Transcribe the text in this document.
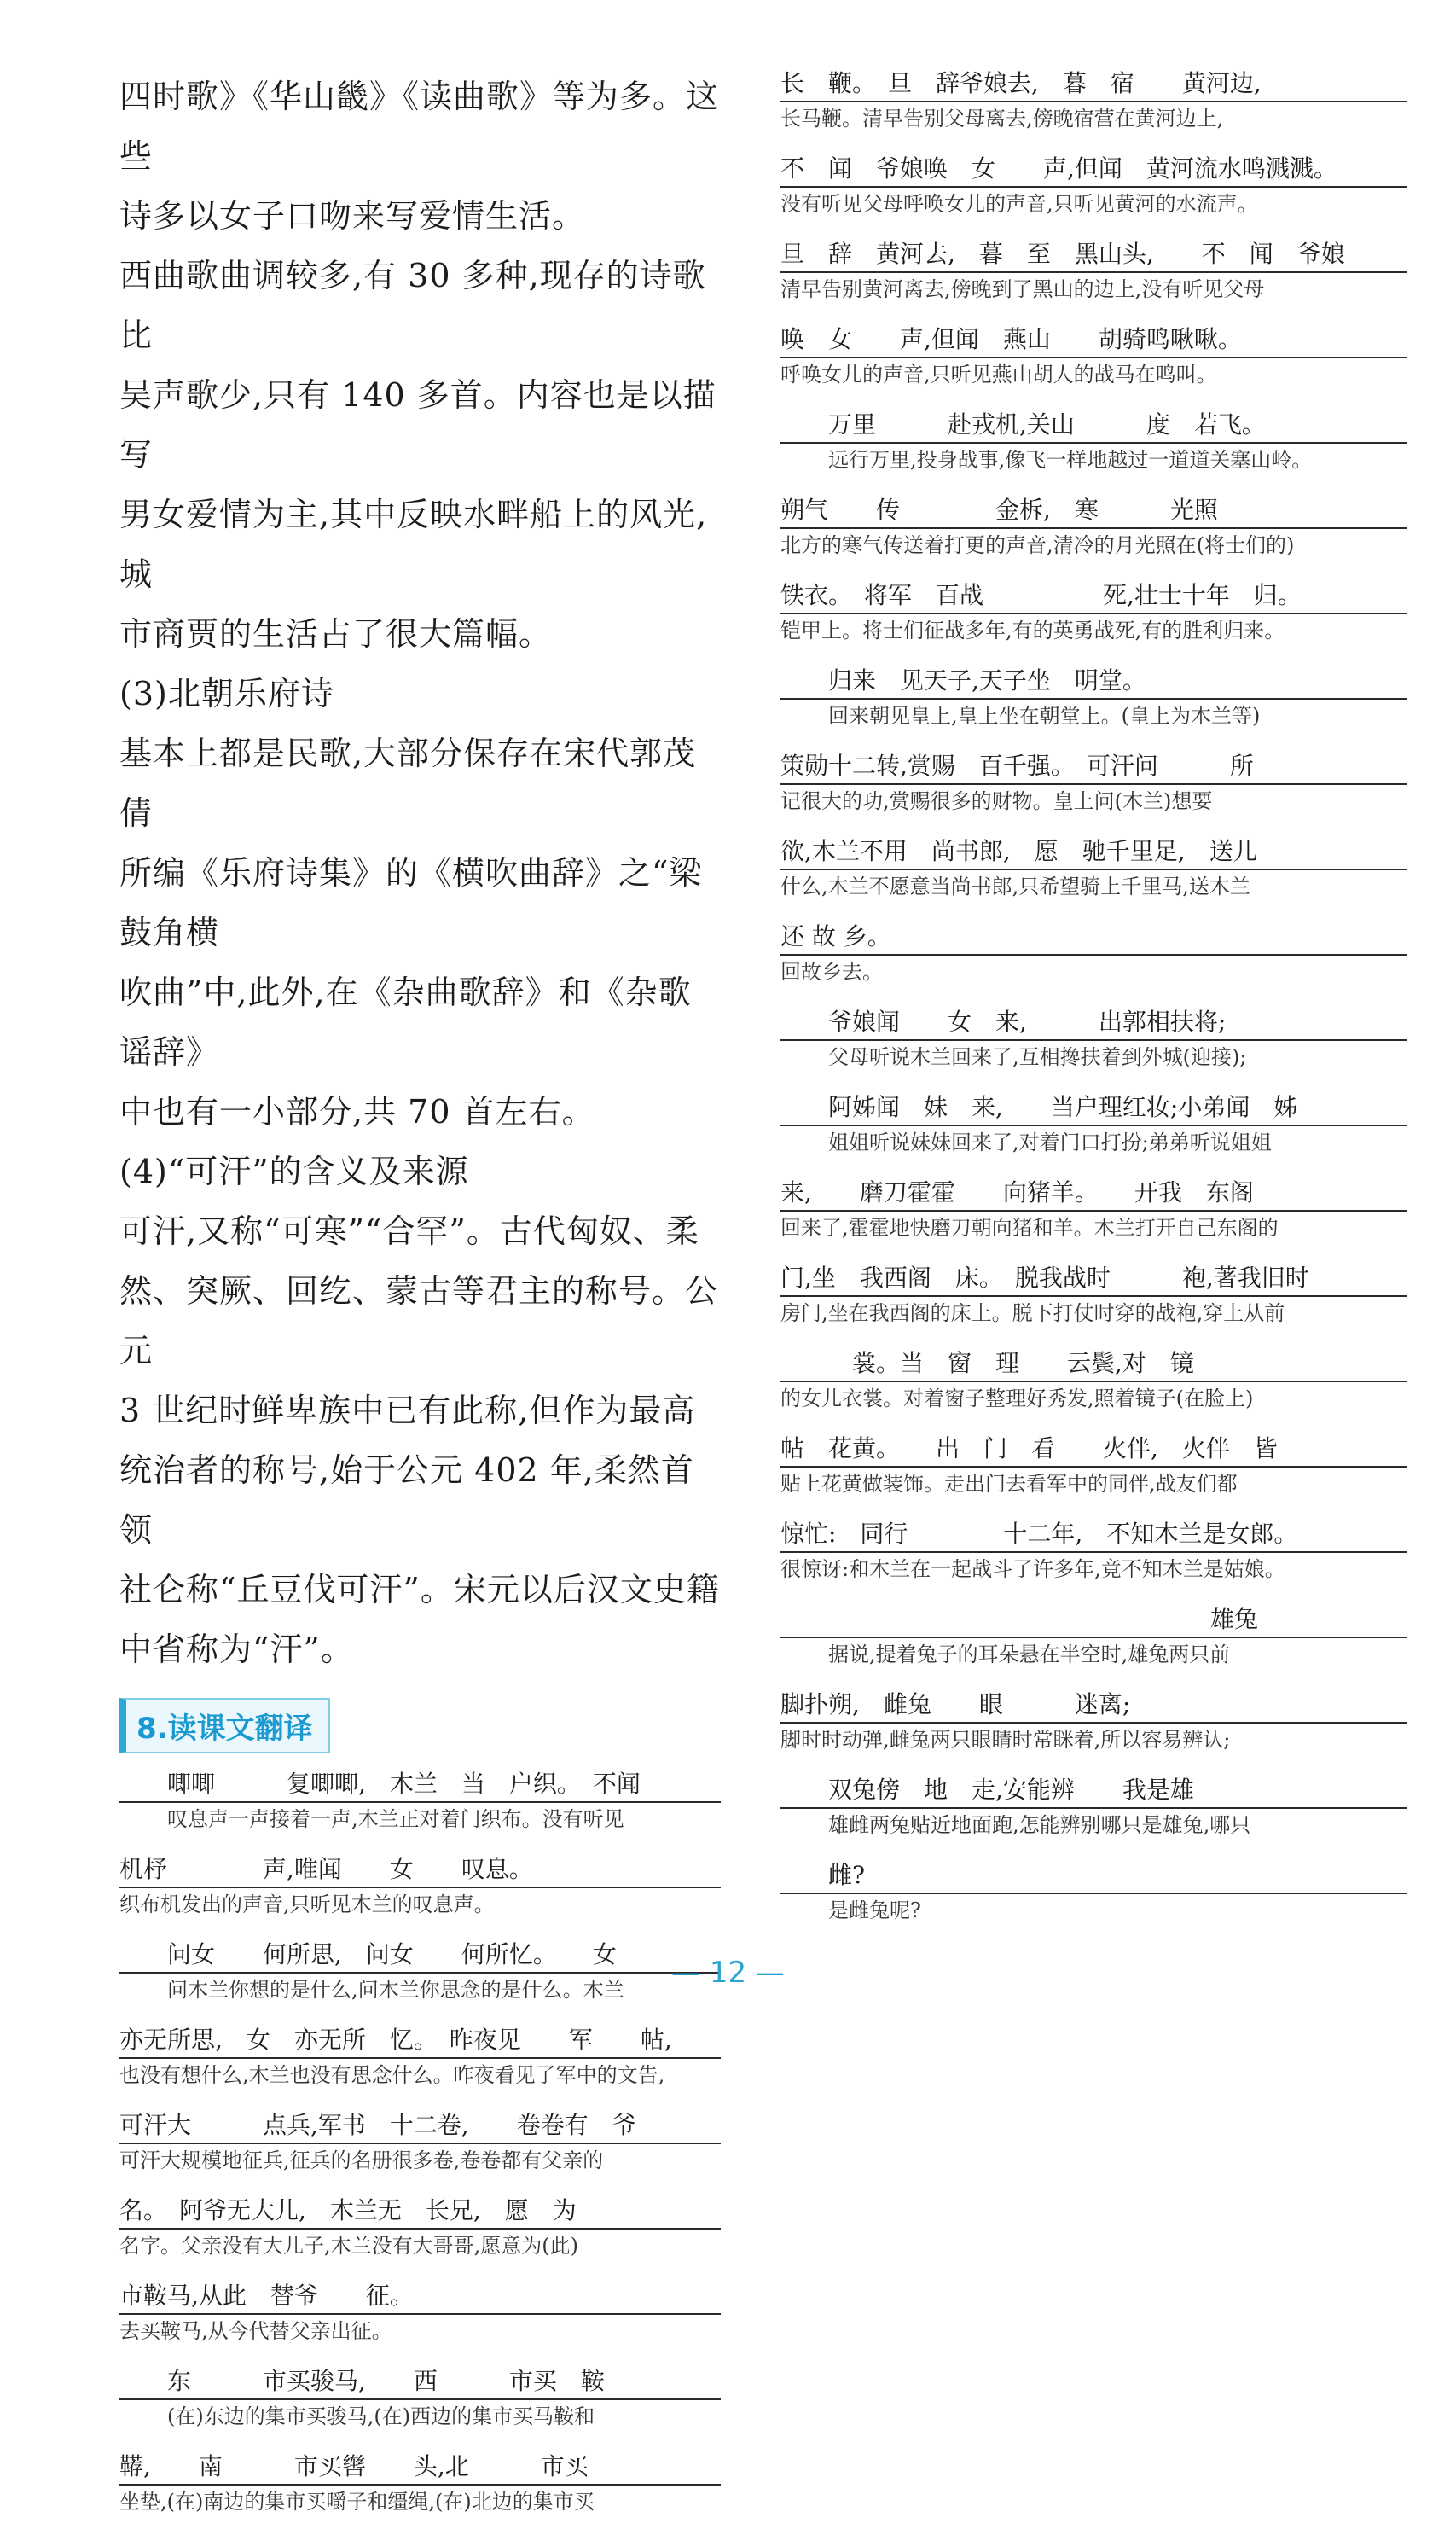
四时歌》《华山畿》《读曲歌》等为多。这些

诗多以女子口吻来写爱情生活。

西曲歌曲调较多,有 30 多种,现存的诗歌比

吴声歌少,只有 140 多首。内容也是以描写

男女爱情为主,其中反映水畔船上的风光,城

市商贾的生活占了很大篇幅。

(3)北朝乐府诗

基本上都是民歌,大部分保存在宋代郭茂倩

所编《乐府诗集》的《横吹曲辞》之“梁鼓角横

吹曲”中,此外,在《杂曲歌辞》和《杂歌谣辞》

中也有一小部分,共 70 首左右。

(4)“可汗”的含义及来源

可汗,又称“可寒”“合罕”。古代匈奴、柔

然、突厥、回纥、蒙古等君主的称号。公元

3 世纪时鲜卑族中已有此称,但作为最高

统治者的称号,始于公元 402 年,柔然首领

社仑称“丘豆伐可汗”。宋元以后汉文史籍

中省称为“汗”。

8.读课文翻译
唧唧　　　复唧唧,　木兰　当　户织。　不闻
叹息声一声接着一声,木兰正对着门织布。没有听见
机杼　　　　声,唯闻　　女　　叹息。
织布机发出的声音,只听见木兰的叹息声。
问女　　何所思,　问女　　何所忆。　　女
问木兰你想的是什么,问木兰你思念的是什么。木兰
亦无所思,　女　亦无所　忆。　昨夜见　　军　　帖,
也没有想什么,木兰也没有思念什么。昨夜看见了军中的文告,
可汗大　　　点兵,军书　十二卷,　　卷卷有　爷
可汗大规模地征兵,征兵的名册很多卷,卷卷都有父亲的
名。　阿爷无大儿,　木兰无　长兄,　愿　为
名字。父亲没有大儿子,木兰没有大哥哥,愿意为(此)
市鞍马,从此　替爷　　征。
去买鞍马,从今代替父亲出征。
东　　　市买骏马,　　西　　　市买　鞍
(在)东边的集市买骏马,(在)西边的集市买马鞍和
鞯,　　南　　　市买辔　　头,北　　　市买
坐垫,(在)南边的集市买嚼子和缰绳,(在)北边的集市买
长　鞭。　旦　辞爷娘去,　暮　宿　　黄河边,
长马鞭。清早告别父母离去,傍晚宿营在黄河边上,
不　闻　爷娘唤　女　　声,但闻　黄河流水鸣溅溅。
没有听见父母呼唤女儿的声音,只听见黄河的水流声。
旦　辞　黄河去,　暮　至　黑山头,　　不　闻　爷娘
清早告别黄河离去,傍晚到了黑山的边上,没有听见父母
唤　女　　声,但闻　燕山　　胡骑鸣啾啾。
呼唤女儿的声音,只听见燕山胡人的战马在鸣叫。
万里　　　赴戎机,关山　　　度　若飞。
远行万里,投身战事,像飞一样地越过一道道关塞山岭。
朔气　　传　　　　金柝,　寒　　　光照
北方的寒气传送着打更的声音,清冷的月光照在(将士们的)
铁衣。　将军　百战　　　　　死,壮士十年　归。
铠甲上。将士们征战多年,有的英勇战死,有的胜利归来。
归来　见天子,天子坐　明堂。
回来朝见皇上,皇上坐在朝堂上。(皇上为木兰等)
策勋十二转,赏赐　百千强。　可汗问　　　所
记很大的功,赏赐很多的财物。皇上问(木兰)想要
欲,木兰不用　尚书郎,　愿　驰千里足,　送儿
什么,木兰不愿意当尚书郎,只希望骑上千里马,送木兰
还 故 乡。
回故乡去。
爷娘闻　　女　来,　　　出郭相扶将;
父母听说木兰回来了,互相搀扶着到外城(迎接);
阿姊闻　妹　来,　　当户理红妆;小弟闻　姊
姐姐听说妹妹回来了,对着门口打扮;弟弟听说姐姐
来,　　磨刀霍霍　　向猪羊。　　开我　东阁
回来了,霍霍地快磨刀朝向猪和羊。木兰打开自己东阁的
门,坐　我西阁　床。　脱我战时　　　袍,著我旧时
房门,坐在我西阁的床上。脱下打仗时穿的战袍,穿上从前
　　　裳。当　窗　理　　云鬓,对　镜
的女儿衣裳。对着窗子整理好秀发,照着镜子(在脸上)
帖　花黄。　　出　门　看　　火伴,　火伴　皆
贴上花黄做装饰。走出门去看军中的同伴,战友们都
惊忙:　同行　　　　十二年,　不知木兰是女郎。
很惊讶:和木兰在一起战斗了许多年,竟不知木兰是姑娘。
　　　　　　　　　　　　　　　　雄兔
据说,提着兔子的耳朵悬在半空时,雄兔两只前
脚扑朔,　雌兔　　眼　　　迷离;
脚时时动弹,雌兔两只眼睛时常眯着,所以容易辨认;
双兔傍　地　走,安能辨　　我是雄
雄雌两兔贴近地面跑,怎能辨别哪只是雄兔,哪只
雌?
是雌兔呢?
— 12 —
